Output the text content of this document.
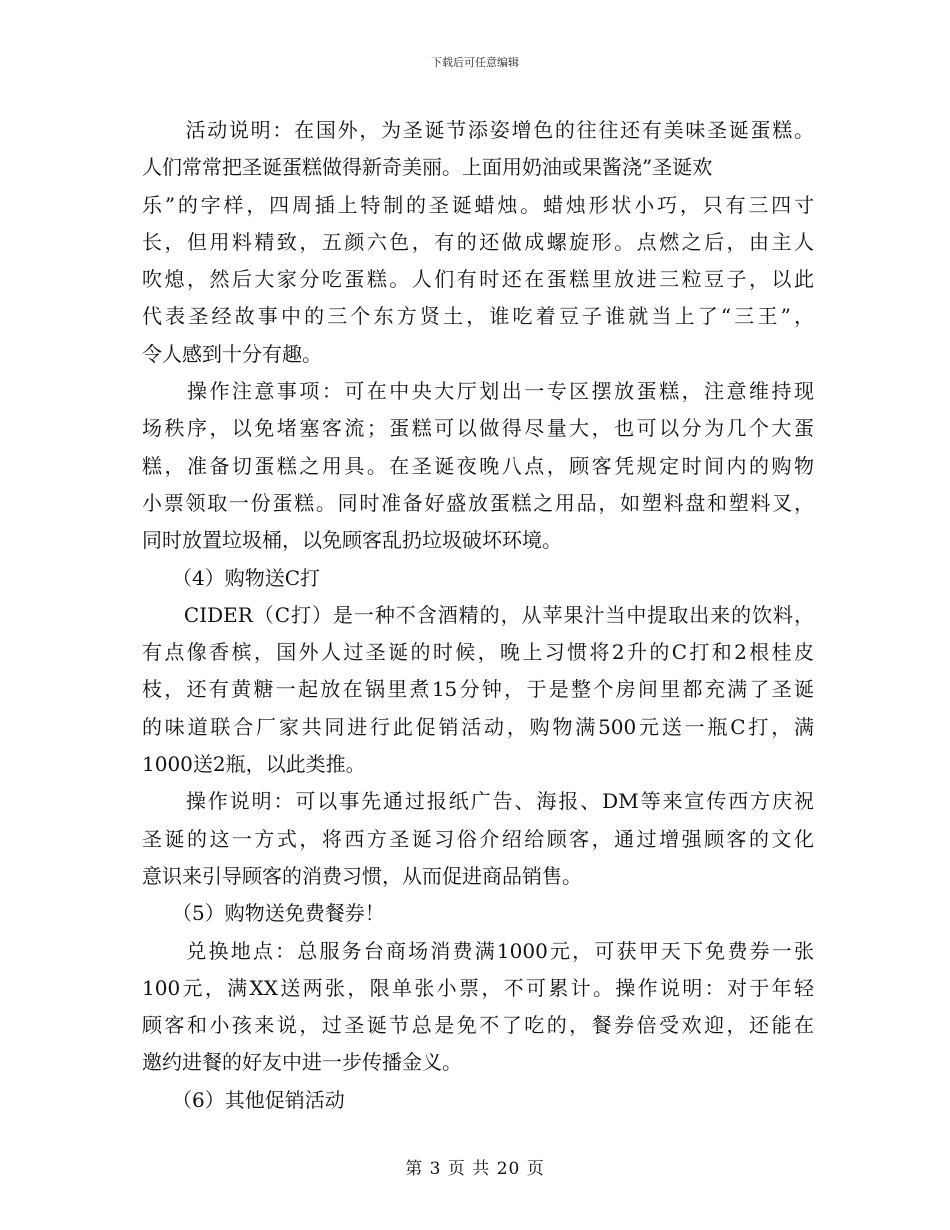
下载后可任意编辑
　　活动说明：在国外，为圣诞节添姿增色的往往还有美味圣诞蛋糕。
人们常常把圣诞蛋糕做得新奇美丽。上面用奶油或果酱浇”圣诞欢
乐”的字样，四周插上特制的圣诞蜡烛。蜡烛形状小巧，只有三四寸
长，但用料精致，五颜六色，有的还做成螺旋形。点燃之后，由主人
吹熄，然后大家分吃蛋糕。人们有时还在蛋糕里放进三粒豆子，以此
代表圣经故事中的三个东方贤土，谁吃着豆子谁就当上了“三王”，
令人感到十分有趣。
　　操作注意事项：可在中央大厅划出一专区摆放蛋糕，注意维持现
场秩序，以免堵塞客流；蛋糕可以做得尽量大，也可以分为几个大蛋
糕，准备切蛋糕之用具。在圣诞夜晚八点，顾客凭规定时间内的购物
小票领取一份蛋糕。同时准备好盛放蛋糕之用品，如塑料盘和塑料叉，
同时放置垃圾桶，以免顾客乱扔垃圾破坏环境。
　　（4）购物送C打
　　CIDER（C打）是一种不含酒精的，从苹果汁当中提取出来的饮料，
有点像香槟，国外人过圣诞的时候，晚上习惯将2升的C打和2根桂皮
枝，还有黄糖一起放在锅里煮15分钟，于是整个房间里都充满了圣诞
的味道联合厂家共同进行此促销活动，购物满500元送一瓶C打，满
1000送2瓶，以此类推。
　　操作说明：可以事先通过报纸广告、海报、DM等来宣传西方庆祝
圣诞的这一方式，将西方圣诞习俗介绍给顾客，通过增强顾客的文化
意识来引导顾客的消费习惯，从而促进商品销售。
　　（5）购物送免费餐券！
　　兑换地点：总服务台商场消费满1000元，可获甲天下免费券一张
100元，满XX送两张，限单张小票，不可累计。操作说明：对于年轻
顾客和小孩来说，过圣诞节总是免不了吃的，餐券倍受欢迎，还能在
邀约进餐的好友中进一步传播金义。
　　（6）其他促销活动
第 3 页 共 20 页
